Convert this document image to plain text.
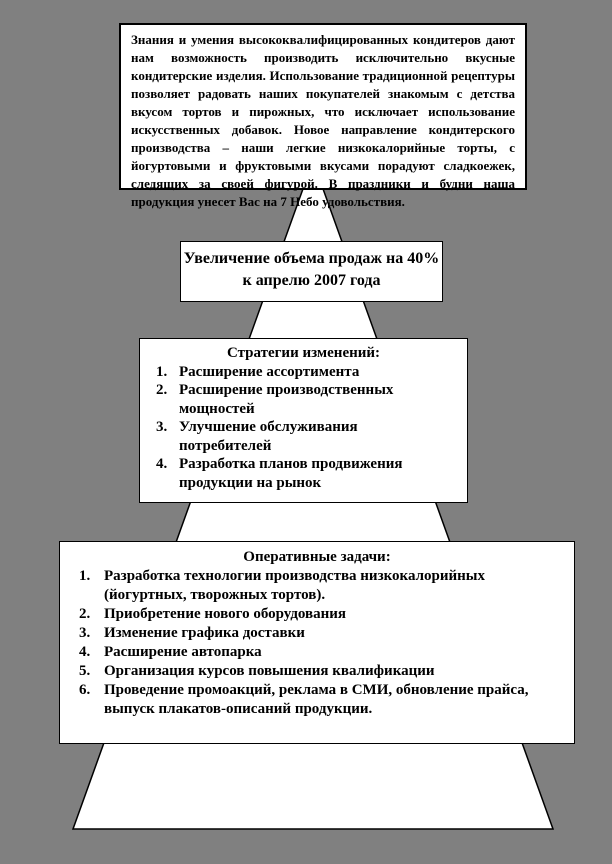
Знания и умения высококвалифицированных кондитеров дают нам возможность производить исключительно вкусные кондитерские изделия. Использование традиционной рецептуры позволяет радовать наших покупателей знакомым с детства вкусом тортов и пирожных, что исключает использование искусственных добавок. Новое направление кондитерского производства – наши легкие низкокалорийные торты, с йогуртовыми и фруктовыми вкусами порадуют сладкоежек, следящих за своей фигурой. В праздники и будни наша продукция унесет Вас на 7 Небо удовольствия.

Увеличение объема продаж на 40%
к апрелю 2007 года
Стратегии изменений:
Расширение ассортимента
Расширение производственных мощностей
Улучшение обслуживания потребителей
Разработка планов продвижения продукции на рынок
Оперативные задачи:
Разработка технологии производства низкокалорийных (йогуртных, творожных тортов).
Приобретение нового оборудования
Изменение графика доставки
Расширение автопарка
Организация курсов повышения квалификации
Проведение промоакций, реклама в СМИ, обновление прайса, выпуск плакатов-описаний продукции.
